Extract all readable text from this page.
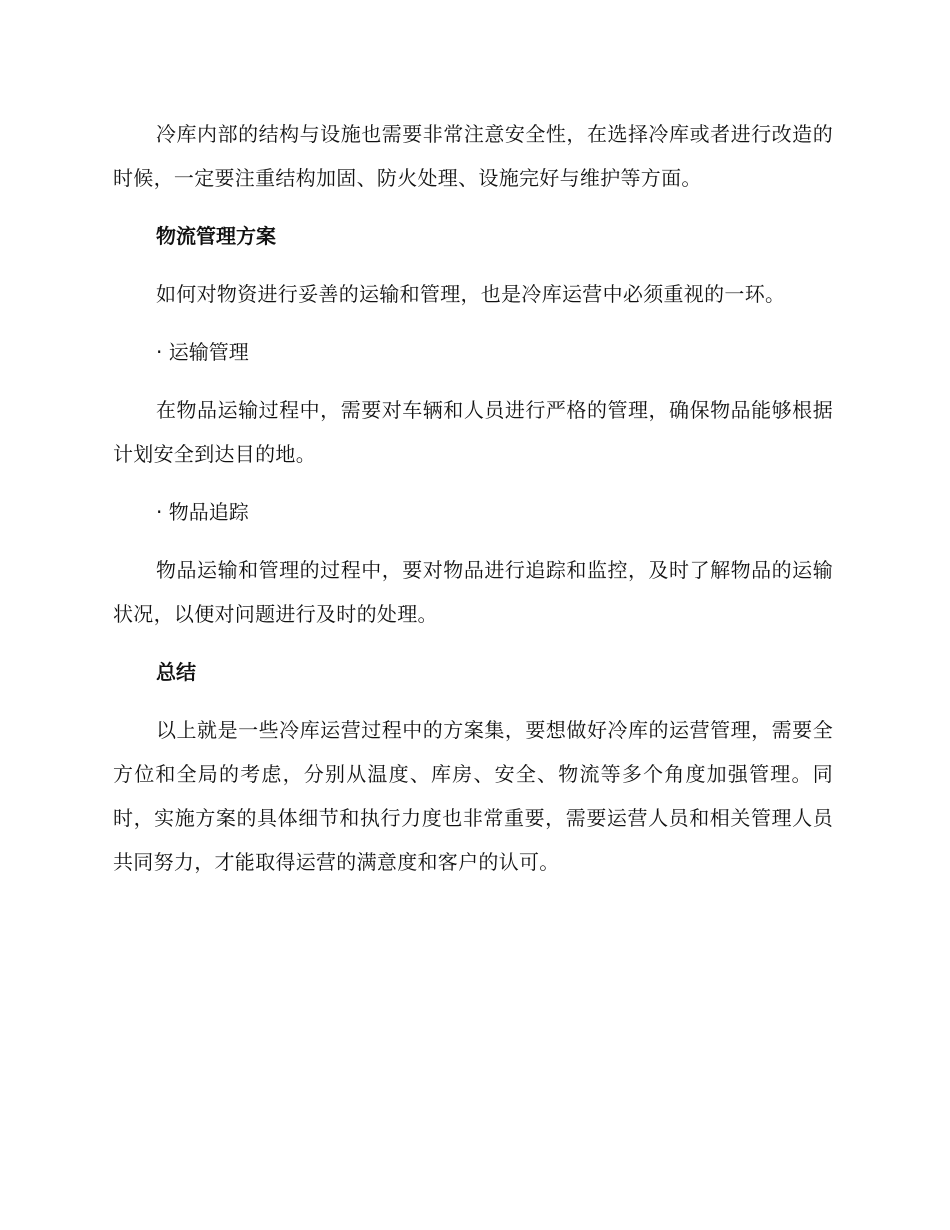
冷库内部的结构与设施也需要非常注意安全性，在选择冷库或者进行改造的时候，一定要注重结构加固、防火处理、设施完好与维护等方面。

物流管理方案

如何对物资进行妥善的运输和管理，也是冷库运营中必须重视的一环。

· 运输管理

在物品运输过程中，需要对车辆和人员进行严格的管理，确保物品能够根据计划安全到达目的地。

· 物品追踪

物品运输和管理的过程中，要对物品进行追踪和监控，及时了解物品的运输状况，以便对问题进行及时的处理。

总结

以上就是一些冷库运营过程中的方案集，要想做好冷库的运营管理，需要全方位和全局的考虑，分别从温度、库房、安全、物流等多个角度加强管理。同时，实施方案的具体细节和执行力度也非常重要，需要运营人员和相关管理人员共同努力，才能取得运营的满意度和客户的认可。
